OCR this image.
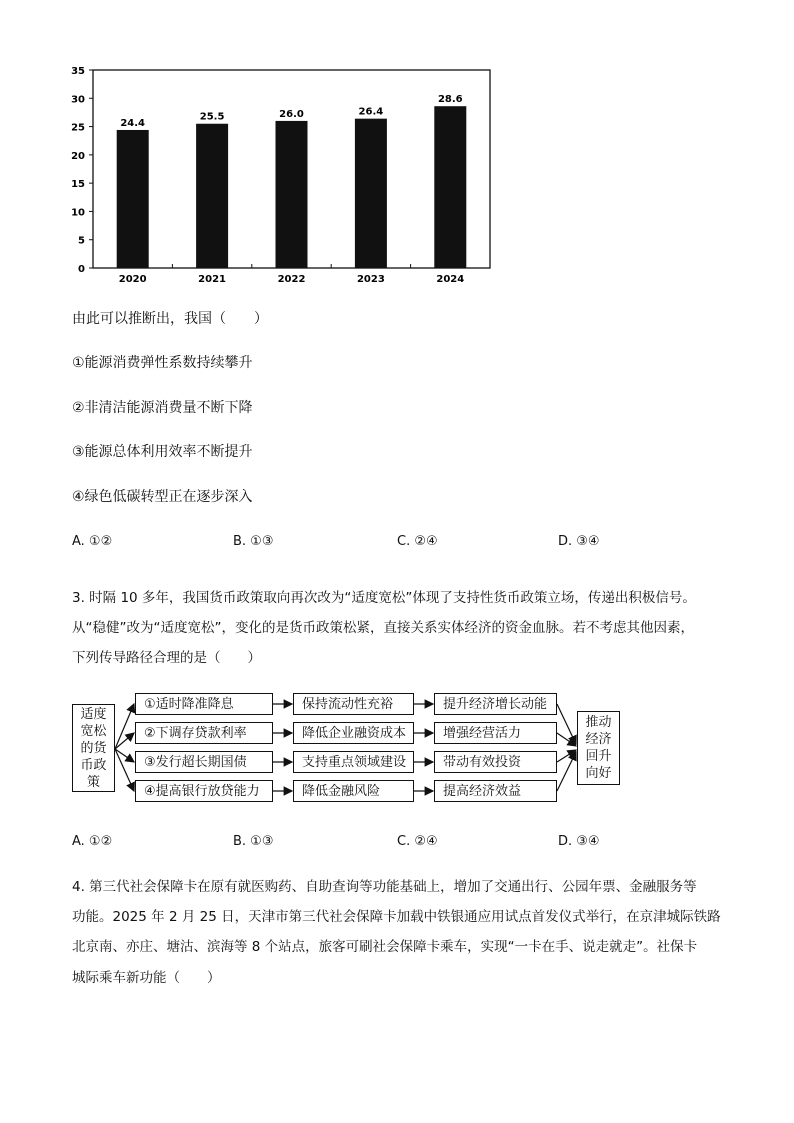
0
5
10
15
20
25
30
35
24.4
25.5	26.0	26.4
28.6
2020	2021	2022	2023	2024
由此可以推断出，我国（　　）
①能源消费弹性系数持续攀升
②非清洁能源消费量不断下降
③能源总体利用效率不断提升
④绿色低碳转型正在逐步深入
A. ①②	B. ①③	C. ②④	D. ③④
3. 时隔 10 多年，我国货币政策取向再次改为“适度宽松”体现了支持性货币政策立场，传递出积极信号。
从“稳健”改为“适度宽松”，变化的是货币政策松紧，直接关系实体经济的资金血脉。若不考虑其他因素，
下列传导路径合理的是（　　）
适度宽松的货币政策
①适时降准降息
②下调存贷款利率
③发行超长期国债
④提高银行放贷能力
保持流动性充裕
降低企业融资成本
支持重点领域建设
降低金融风险
提升经济增长动能
增强经营活力
带动有效投资
提高经济效益
推动经济回升向好
A. ①②	B. ①③	C. ②④	D. ③④
4. 第三代社会保障卡在原有就医购药、自助查询等功能基础上，增加了交通出行、公园年票、金融服务等
功能。2025 年 2 月 25 日，天津市第三代社会保障卡加载中铁银通应用试点首发仪式举行，在京津城际铁路
北京南、亦庄、塘沽、滨海等 8 个站点，旅客可刷社会保障卡乘车，实现“一卡在手、说走就走”。社保卡
城际乘车新功能（　　）
